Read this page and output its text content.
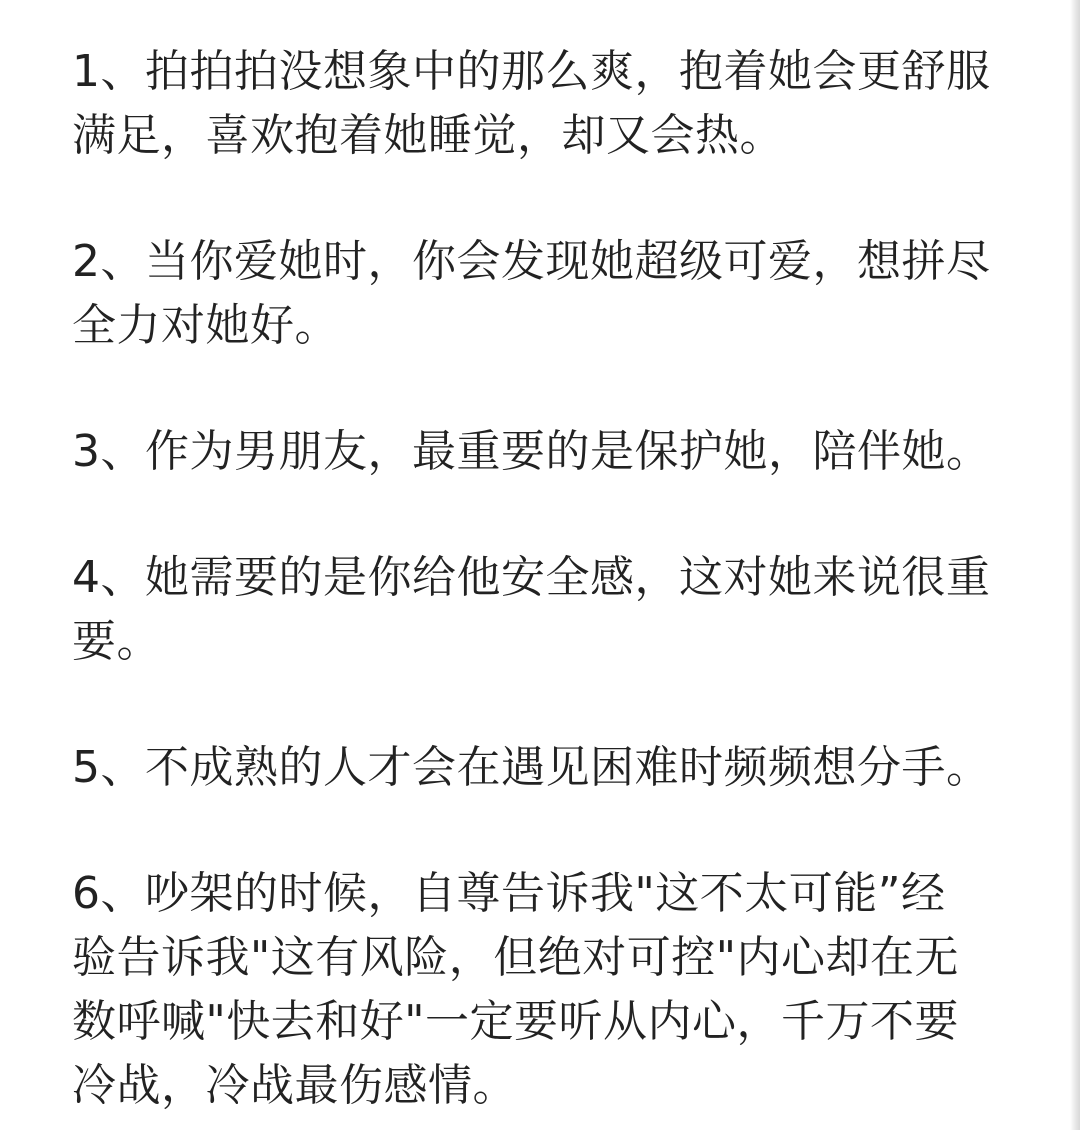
1、拍拍拍没想象中的那么爽，抱着她会更舒服
满足，喜欢抱着她睡觉，却又会热。

2、当你爱她时，你会发现她超级可爱，想拼尽
全力对她好。

3、作为男朋友，最重要的是保护她，陪伴她。

4、她需要的是你给他安全感，这对她来说很重
要。

5、不成熟的人才会在遇见困难时频频想分手。

6、吵架的时候，自尊告诉我"这不太可能”经
验告诉我"这有风险，但绝对可控"内心却在无
数呼喊"快去和好"一定要听从内心，千万不要
冷战，冷战最伤感情。
